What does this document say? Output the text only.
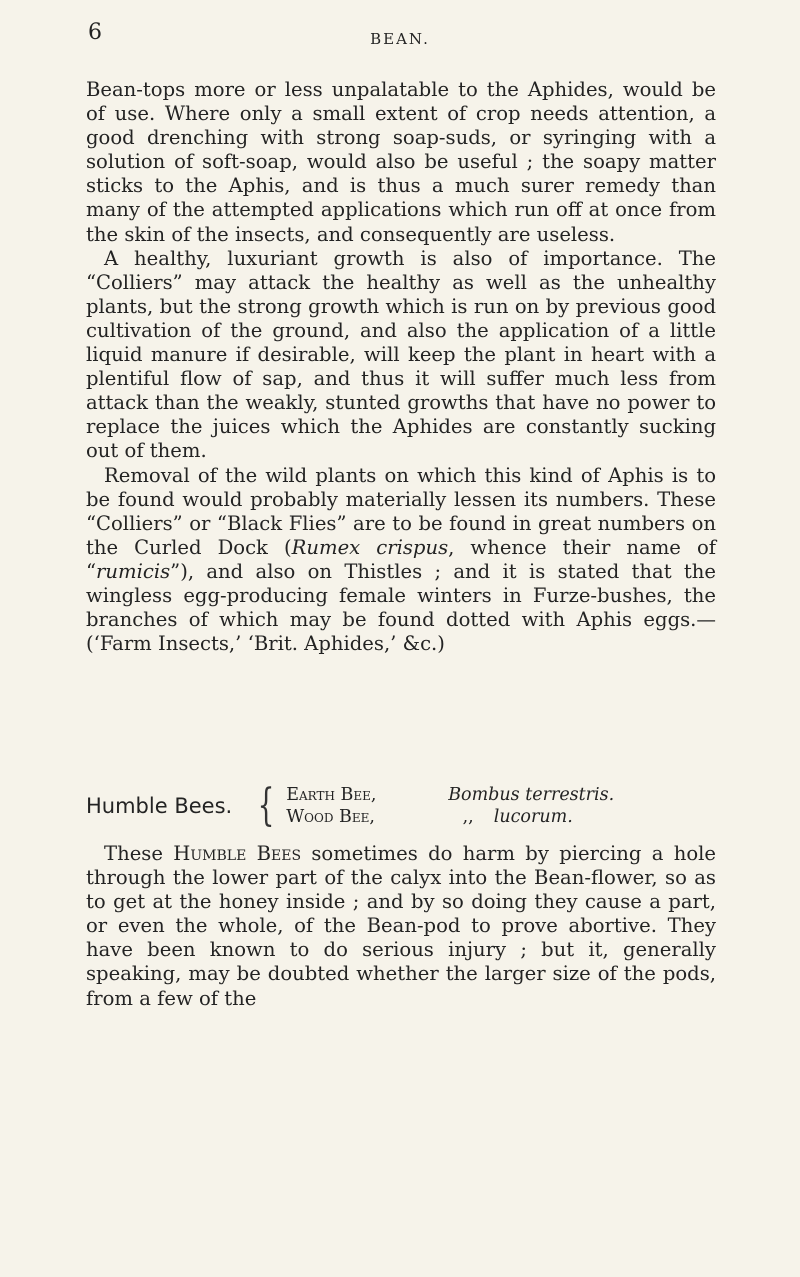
6	BEAN.

Bean-tops more or less unpalatable to the Aphides, would be of use. Where only a small extent of crop needs attention, a good drenching with strong soap-suds, or syringing with a solution of soft-soap, would also be useful ; the soapy matter sticks to the Aphis, and is thus a much surer remedy than many of the attempted applications which run off at once from the skin of the insects, and consequently are useless.

A healthy, luxuriant growth is also of importance. The “Colliers” may attack the healthy as well as the unhealthy plants, but the strong growth which is run on by previous good cultivation of the ground, and also the application of a little liquid manure if desirable, will keep the plant in heart with a plentiful flow of sap, and thus it will suffer much less from attack than the weakly, stunted growths that have no power to replace the juices which the Aphides are constantly sucking out of them.

Removal of the wild plants on which this kind of Aphis is to be found would probably materially lessen its numbers. These “Colliers” or “Black Flies” are to be found in great numbers on the Curled Dock (Rumex crispus, whence their name of “rumicis”), and also on Thistles ; and it is stated that the wingless egg-producing female winters in Furze-bushes, the branches of which may be found dotted with Aphis eggs.—(‘Farm Insects,’ ‘Brit. Aphides,’ &c.)

Humble Bees. { Earth Bee,	Bombus terrestris.
Wood Bee,	,, lucorum.

These Humble Bees sometimes do harm by piercing a hole through the lower part of the calyx into the Bean-flower, so as to get at the honey inside ; and by so doing they cause a part, or even the whole, of the Bean-pod to prove abortive. They have been known to do serious injury ; but it, generally speaking, may be doubted whether the larger size of the pods, from a few of the
